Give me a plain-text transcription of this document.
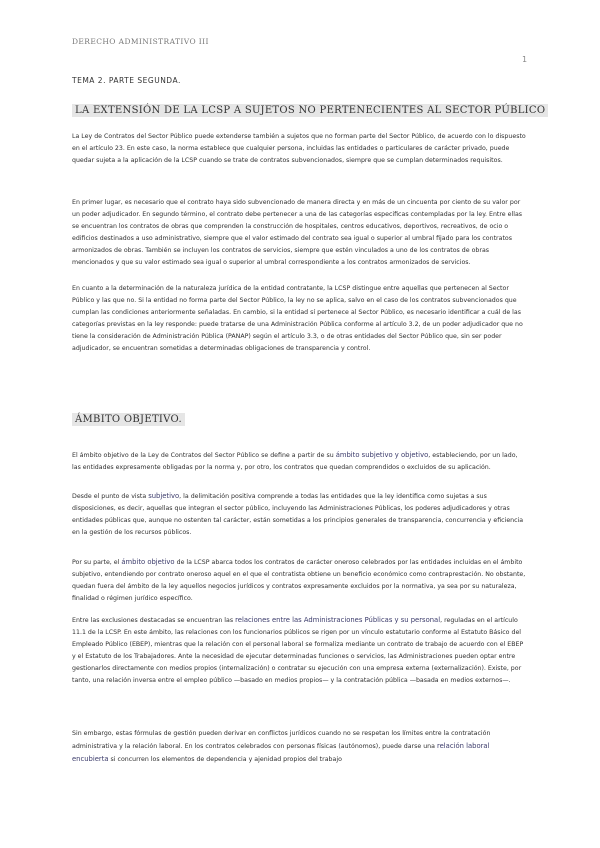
DERECHO ADMINISTRATIVO III
1
TEMA 2. PARTE SEGUNDA.
LA EXTENSIÓN DE LA LCSP A SUJETOS NO PERTENECIENTES AL SECTOR PÚBLICO
La Ley de Contratos del Sector Público puede extenderse también a sujetos que no forman parte del Sector Público, de acuerdo con lo dispuesto en el artículo 23. En este caso, la norma establece que cualquier persona, incluidas las entidades o particulares de carácter privado, puede quedar sujeta a la aplicación de la LCSP cuando se trate de contratos subvencionados, siempre que se cumplan determinados requisitos.
En primer lugar, es necesario que el contrato haya sido subvencionado de manera directa y en más de un cincuenta por ciento de su valor por un poder adjudicador. En segundo término, el contrato debe pertenecer a una de las categorías especificas contempladas por la ley. Entre ellas se encuentran los contratos de obras que comprenden la construcción de hospitales, centros educativos, deportivos, recreativos, de ocio o edificios destinados a uso administrativo, siempre que el valor estimado del contrato sea igual o superior al umbral fijado para los contratos armonizados de obras. También se incluyen los contratos de servicios, siempre que estén vinculados a uno de los contratos de obras mencionados y que su valor estimado sea igual o superior al umbral correspondiente a los contratos armonizados de servicios.
En cuanto a la determinación de la naturaleza jurídica de la entidad contratante, la LCSP distingue entre aquellas que pertenecen al Sector Público y las que no. Si la entidad no forma parte del Sector Público, la ley no se aplica, salvo en el caso de los contratos subvencionados que cumplan las condiciones anteriormente señaladas. En cambio, si la entidad sí pertenece al Sector Público, es necesario identificar a cuál de las categorías previstas en la ley responde: puede tratarse de una Administración Pública conforme al artículo 3.2, de un poder adjudicador que no tiene la consideración de Administración Pública (PANAP) según el artículo 3.3, o de otras entidades del Sector Público que, sin ser poder adjudicador, se encuentran sometidas a determinadas obligaciones de transparencia y control.
ÁMBITO OBJETIVO.
El ámbito objetivo de la Ley de Contratos del Sector Público se define a partir de su ámbito subjetivo y objetivo, estableciendo, por un lado, las entidades expresamente obligadas por la norma y, por otro, los contratos que quedan comprendidos o excluidos de su aplicación.
Desde el punto de vista subjetivo, la delimitación positiva comprende a todas las entidades que la ley identifica como sujetas a sus disposiciones, es decir, aquellas que integran el sector público, incluyendo las Administraciones Públicas, los poderes adjudicadores y otras entidades públicas que, aunque no ostenten tal carácter, están sometidas a los principios generales de transparencia, concurrencia y eficiencia en la gestión de los recursos públicos.
Por su parte, el ámbito objetivo de la LCSP abarca todos los contratos de carácter oneroso celebrados por las entidades incluidas en el ámbito subjetivo, entendiendo por contrato oneroso aquel en el que el contratista obtiene un beneficio económico como contraprestación. No obstante, quedan fuera del ámbito de la ley aquellos negocios jurídicos y contratos expresamente excluidos por la normativa, ya sea por su naturaleza, finalidad o régimen jurídico específico.
Entre las exclusiones destacadas se encuentran las relaciones entre las Administraciones Públicas y su personal, reguladas en el artículo 11.1 de la LCSP. En este ámbito, las relaciones con los funcionarios públicos se rigen por un vínculo estatutario conforme al Estatuto Básico del Empleado Público (EBEP), mientras que la relación con el personal laboral se formaliza mediante un contrato de trabajo de acuerdo con el EBEP y el Estatuto de los Trabajadores. Ante la necesidad de ejecutar determinadas funciones o servicios, las Administraciones pueden optar entre gestionarlos directamente con medios propios (internalización) o contratar su ejecución con una empresa externa (externalización). Existe, por tanto, una relación inversa entre el empleo público —basado en medios propios— y la contratación pública —basada en medios externos—.
Sin embargo, estas fórmulas de gestión pueden derivar en conflictos jurídicos cuando no se respetan los límites entre la contratación administrativa y la relación laboral. En los contratos celebrados con personas físicas (autónomos), puede darse una relación laboral encubierta si concurren los elementos de dependencia y ajenidad propios del trabajo
